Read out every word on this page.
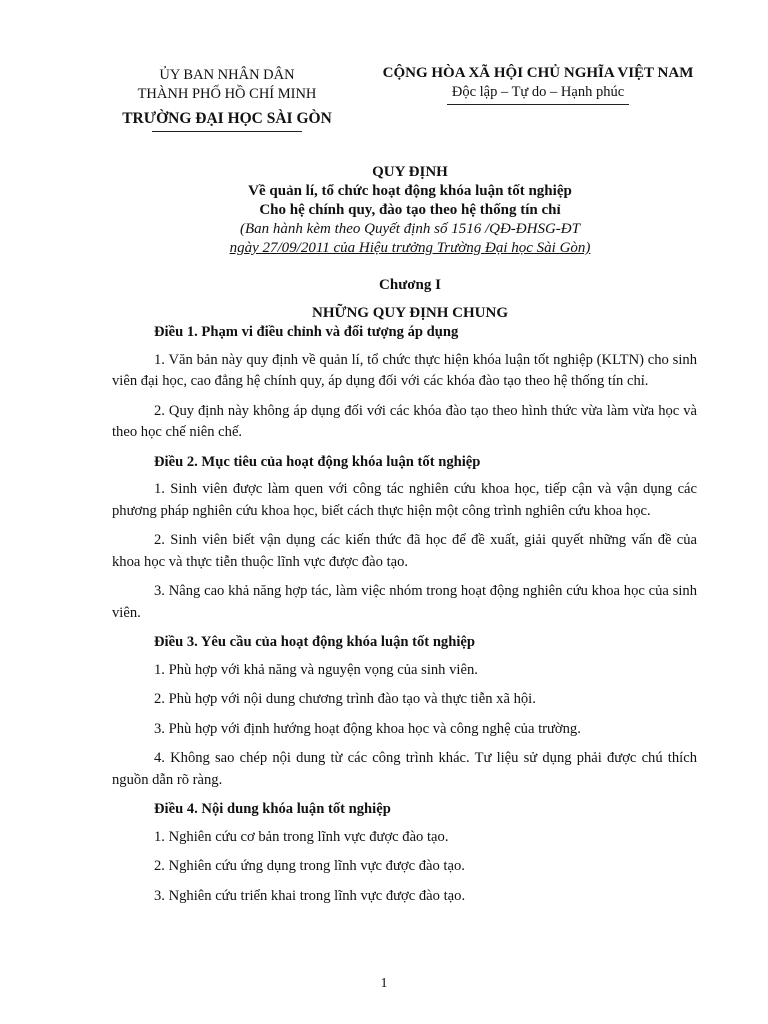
ỦY BAN NHÂN DÂN
THÀNH PHỐ HỒ CHÍ MINH
TRƯỜNG ĐẠI HỌC SÀI GÒN
CỘNG HÒA XÃ HỘI CHỦ NGHĨA VIỆT NAM
Độc lập – Tự do – Hạnh phúc
QUY ĐỊNH
Về quản lí, tổ chức hoạt động khóa luận tốt nghiệp
Cho hệ chính quy, đào tạo theo hệ thống tín chỉ
(Ban hành kèm theo Quyết định số 1516 /QĐ-ĐHSG-ĐT
ngày 27/09/2011 của Hiệu trưởng Trường Đại học Sài Gòn)
Chương I
NHỮNG QUY ĐỊNH CHUNG
Điều 1. Phạm vi điều chỉnh và đối tượng áp dụng
1. Văn bản này quy định về quản lí, tổ chức thực hiện khóa luận tốt nghiệp (KLTN) cho sinh viên đại học, cao đẳng hệ chính quy, áp dụng đối với các khóa đào tạo theo hệ thống tín chỉ.
2. Quy định này không áp dụng đối với các khóa đào tạo theo hình thức vừa làm vừa học và theo học chế niên chế.
Điều 2. Mục tiêu của hoạt động khóa luận tốt nghiệp
1. Sinh viên được làm quen với công tác nghiên cứu khoa học, tiếp cận và vận dụng các phương pháp nghiên cứu khoa học, biết cách thực hiện một công trình nghiên cứu khoa học.
2. Sinh viên biết vận dụng các kiến thức đã học để đề xuất, giải quyết những vấn đề của khoa học và thực tiễn thuộc lĩnh vực được đào tạo.
3. Nâng cao khả năng hợp tác, làm việc nhóm trong hoạt động nghiên cứu khoa học của sinh viên.
Điều 3. Yêu cầu của hoạt động khóa luận tốt nghiệp
1. Phù hợp với khả năng và nguyện vọng của sinh viên.
2. Phù hợp với nội dung chương trình đào tạo và thực tiễn xã hội.
3. Phù hợp với định hướng hoạt động khoa học và công nghệ của trường.
4. Không sao chép nội dung từ các công trình khác. Tư liệu sử dụng phải được chú thích nguồn dẫn rõ ràng.
Điều 4. Nội dung khóa luận tốt nghiệp
1. Nghiên cứu cơ bản trong lĩnh vực được đào tạo.
2. Nghiên cứu ứng dụng trong lĩnh vực được đào tạo.
3. Nghiên cứu triển khai trong lĩnh vực được đào tạo.
1
